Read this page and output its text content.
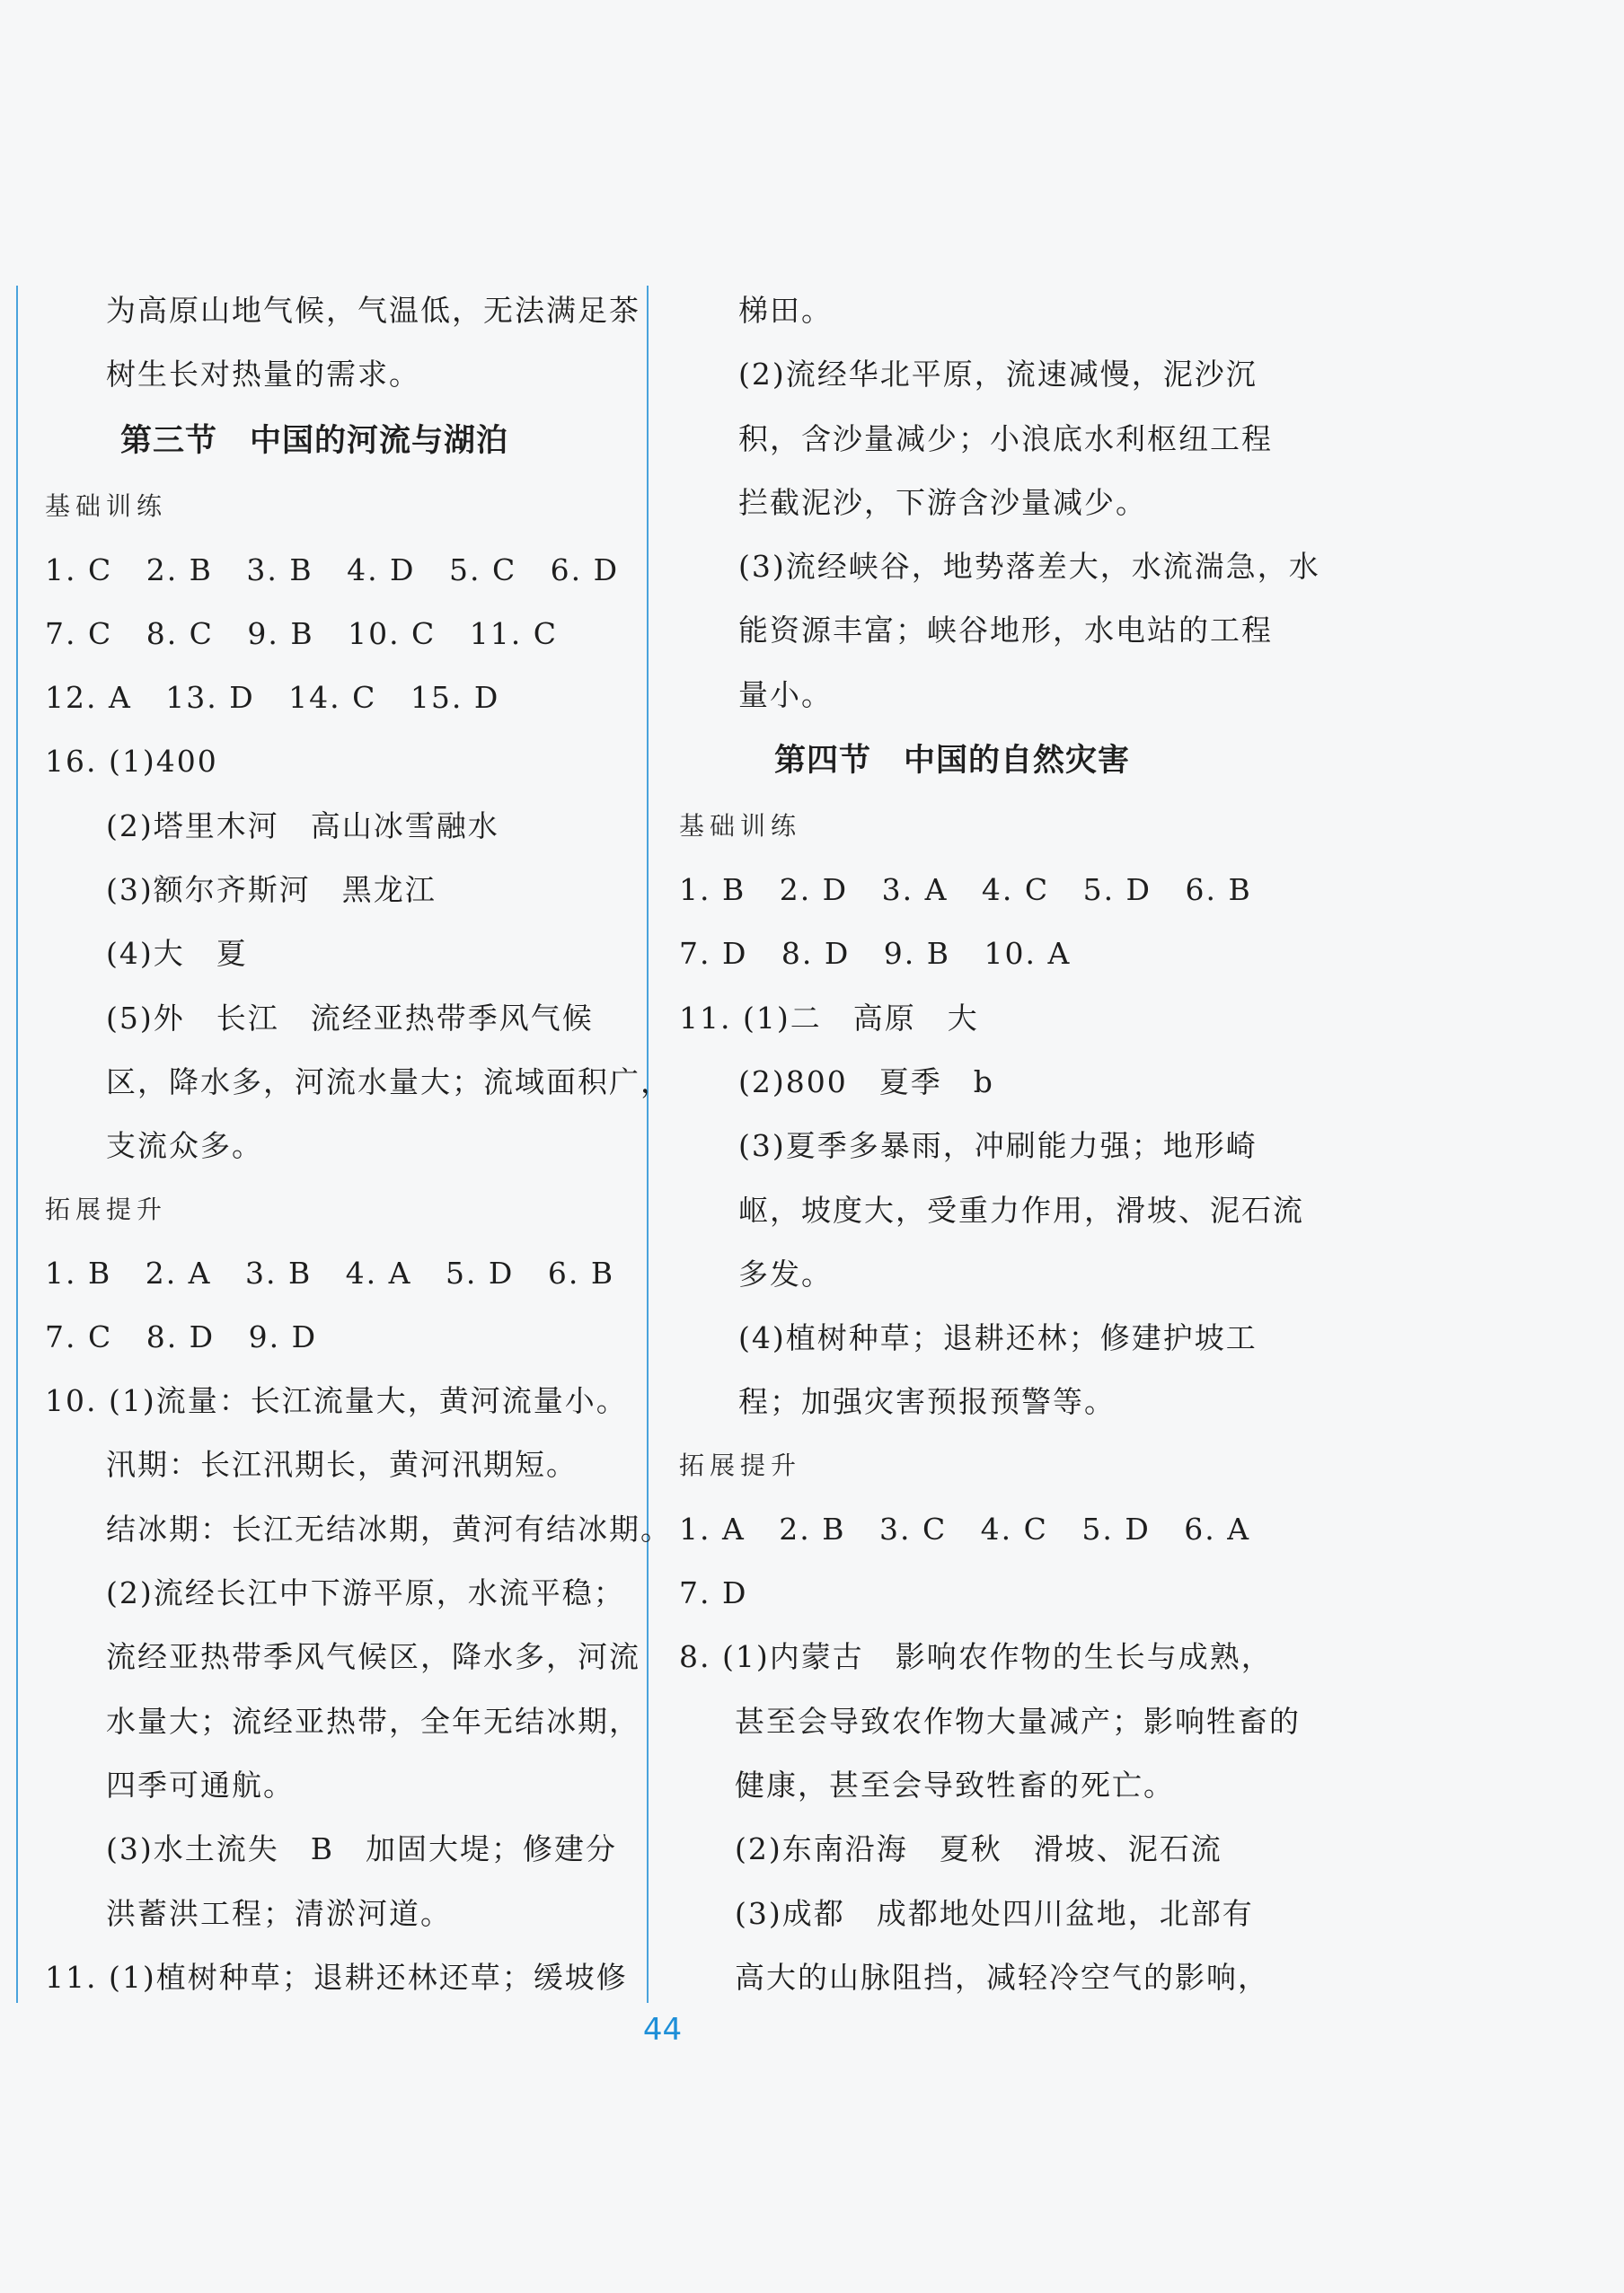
为高原山地气候，气温低，无法满足茶
树生长对热量的需求。
第三节　中国的河流与湖泊
基础训练
1. C   2. B   3. B   4. D   5. C   6. D
7. C   8. C   9. B   10. C   11. C
12. A   13. D   14. C   15. D
16. (1)400
(2)塔里木河　高山冰雪融水
(3)额尔齐斯河　黑龙江
(4)大　夏
(5)外　长江　流经亚热带季风气候
区，降水多，河流水量大；流域面积广，
支流众多。
拓展提升
1. B   2. A   3. B   4. A   5. D   6. B
7. C   8. D   9. D
10. (1)流量：长江流量大，黄河流量小。
汛期：长江汛期长，黄河汛期短。
结冰期：长江无结冰期，黄河有结冰期。
(2)流经长江中下游平原，水流平稳；
流经亚热带季风气候区，降水多，河流
水量大；流经亚热带，全年无结冰期，
四季可通航。
(3)水土流失　B　加固大堤；修建分
洪蓄洪工程；清淤河道。
11. (1)植树种草；退耕还林还草；缓坡修
梯田。
(2)流经华北平原，流速减慢，泥沙沉
积，含沙量减少；小浪底水利枢纽工程
拦截泥沙，下游含沙量减少。
(3)流经峡谷，地势落差大，水流湍急，水
能资源丰富；峡谷地形，水电站的工程
量小。
第四节　中国的自然灾害
基础训练
1. B   2. D   3. A   4. C   5. D   6. B
7. D   8. D   9. B   10. A
11. (1)二　高原　大
(2)800　夏季　b
(3)夏季多暴雨，冲刷能力强；地形崎
岖，坡度大，受重力作用，滑坡、泥石流
多发。
(4)植树种草；退耕还林；修建护坡工
程；加强灾害预报预警等。
拓展提升
1. A   2. B   3. C   4. C   5. D   6. A
7. D
8. (1)内蒙古　影响农作物的生长与成熟，
甚至会导致农作物大量减产；影响牲畜的
健康，甚至会导致牲畜的死亡。
(2)东南沿海　夏秋　滑坡、泥石流
(3)成都　成都地处四川盆地，北部有
高大的山脉阻挡，减轻冷空气的影响，
44
